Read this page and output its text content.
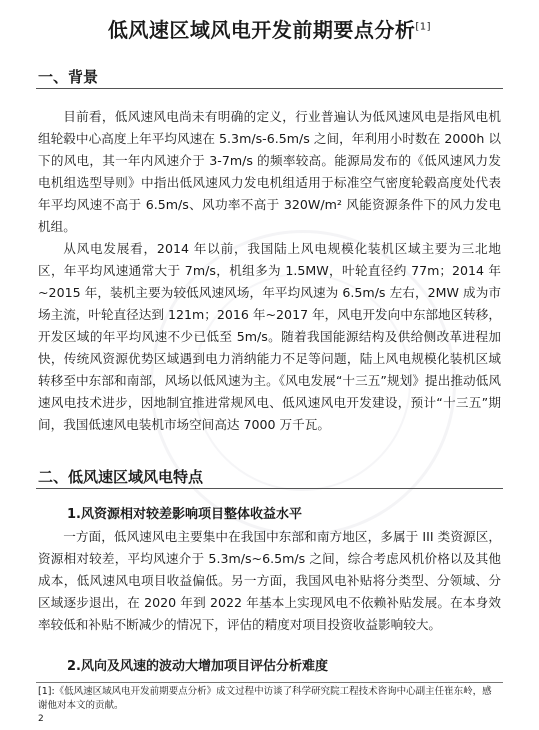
低风速区域风电开发前期要点分析[1]
一、背景

目前看，低风速风电尚未有明确的定义，行业普遍认为低风速风电是指风电机组轮毂中心高度上年平均风速在 5.3m/s-6.5m/s 之间，年利用小时数在 2000h 以下的风电，其一年内风速介于 3-7m/s 的频率较高。能源局发布的《低风速风力发电机组选型导则》中指出低风速风力发电机组适用于标准空气密度轮毂高度处代表年平均风速不高于 6.5m/s、风功率不高于 320W/m² 风能资源条件下的风力发电机组。

从风电发展看，2014 年以前，我国陆上风电规模化装机区域主要为三北地区，年平均风速通常大于 7m/s，机组多为 1.5MW，叶轮直径约 77m；2014 年~2015 年，装机主要为较低风速风场，年平均风速为 6.5m/s 左右，2MW 成为市场主流，叶轮直径达到 121m；2016 年~2017 年，风电开发向中东部地区转移，开发区域的年平均风速不少已低至 5m/s。随着我国能源结构及供给侧改革进程加快，传统风资源优势区域遇到电力消纳能力不足等问题，陆上风电规模化装机区域转移至中东部和南部，风场以低风速为主。《风电发展“十三五”规划》提出推动低风速风电技术进步，因地制宜推进常规风电、低风速风电开发建设，预计“十三五”期间，我国低速风电装机市场空间高达 7000 万千瓦。

二、低风速区域风电特点
1.风资源相对较差影响项目整体收益水平

一方面，低风速风电主要集中在我国中东部和南方地区，多属于 III 类资源区，资源相对较差，平均风速介于 5.3m/s~6.5m/s 之间，综合考虑风机价格以及其他成本，低风速风电项目收益偏低。另一方面，我国风电补贴将分类型、分领域、分区域逐步退出，在 2020 年到 2022 年基本上实现风电不依赖补贴发展。在本身效率较低和补贴不断减少的情况下，评估的精度对项目投资收益影响较大。

2.风向及风速的波动大增加项目评估分析难度

[1]:《低风速区域风电开发前期要点分析》成文过程中访谈了科学研究院工程技术咨询中心副主任崔东岭，感谢他对本文的贡献。

2
